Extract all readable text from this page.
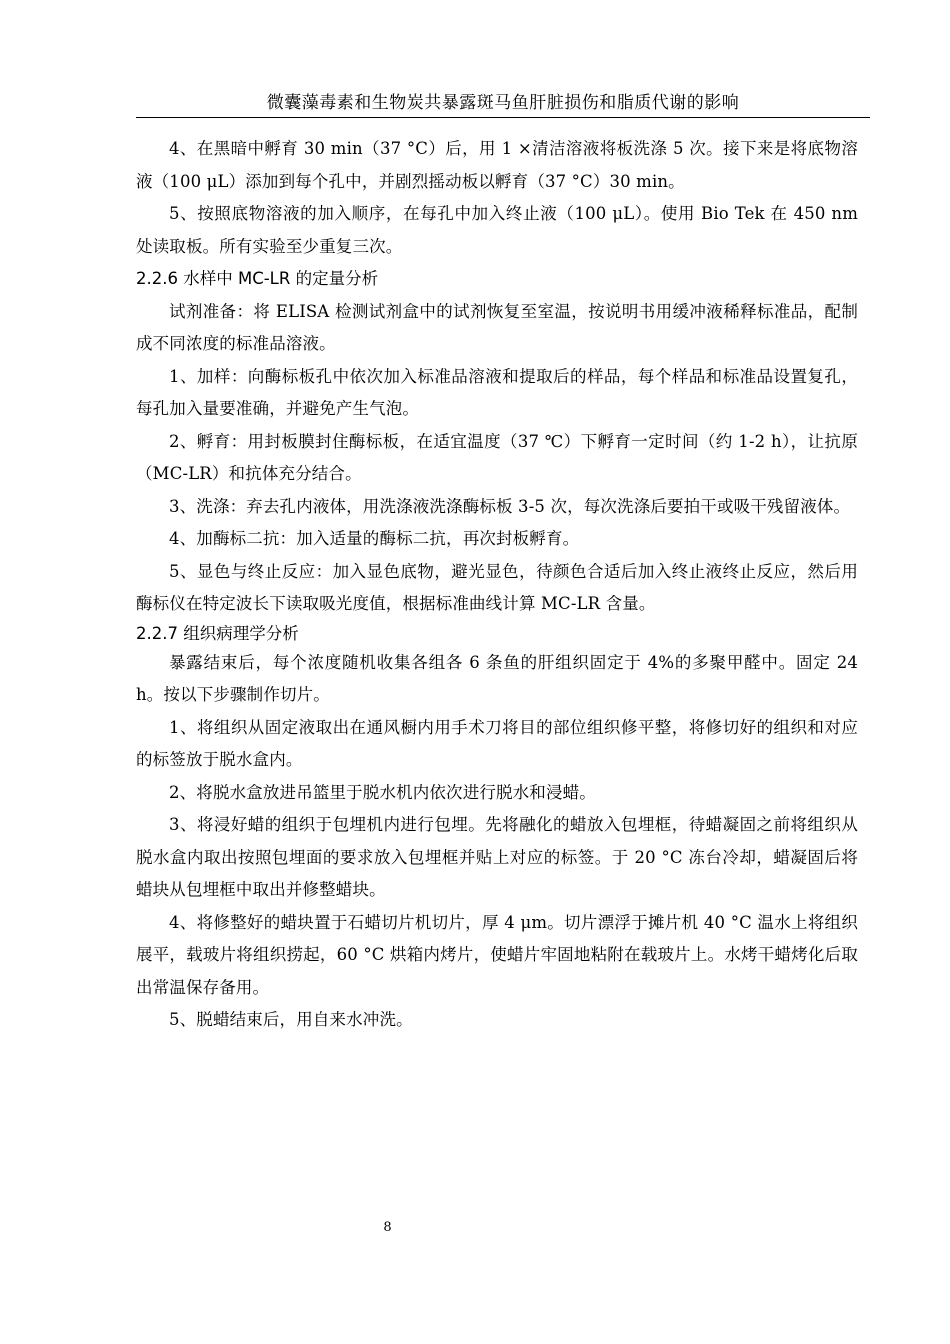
微囊藻毒素和生物炭共暴露斑马鱼肝脏损伤和脂质代谢的影响

4、在黑暗中孵育 30 min（37 °C）后，用 1 ×清洁溶液将板洗涤 5 次。接下来是将底物溶液（100 μL）添加到每个孔中，并剧烈摇动板以孵育（37 °C）30 min。

5、按照底物溶液的加入顺序，在每孔中加入终止液（100 μL）。使用 Bio Tek 在 450 nm 处读取板。所有实验至少重复三次。

2.2.6 水样中 MC-LR 的定量分析

试剂准备：将 ELISA 检测试剂盒中的试剂恢复至室温，按说明书用缓冲液稀释标准品，配制成不同浓度的标准品溶液。

1、加样：向酶标板孔中依次加入标准品溶液和提取后的样品，每个样品和标准品设置复孔，每孔加入量要准确，并避免产生气泡。

2、孵育：用封板膜封住酶标板，在适宜温度（37 ℃）下孵育一定时间（约 1-2 h），让抗原（MC-LR）和抗体充分结合。

3、洗涤：弃去孔内液体，用洗涤液洗涤酶标板 3-5 次，每次洗涤后要拍干或吸干残留液体。

4、加酶标二抗：加入适量的酶标二抗，再次封板孵育。

5、显色与终止反应：加入显色底物，避光显色，待颜色合适后加入终止液终止反应，然后用酶标仪在特定波长下读取吸光度值，根据标准曲线计算 MC-LR 含量。

2.2.7 组织病理学分析

暴露结束后，每个浓度随机收集各组各 6 条鱼的肝组织固定于 4%的多聚甲醛中。固定 24 h。按以下步骤制作切片。

1、将组织从固定液取出在通风橱内用手术刀将目的部位组织修平整，将修切好的组织和对应的标签放于脱水盒内。

2、将脱水盒放进吊篮里于脱水机内依次进行脱水和浸蜡。

3、将浸好蜡的组织于包埋机内进行包埋。先将融化的蜡放入包埋框，待蜡凝固之前将组织从脱水盒内取出按照包埋面的要求放入包埋框并贴上对应的标签。于 20 °C 冻台冷却，蜡凝固后将蜡块从包埋框中取出并修整蜡块。

4、将修整好的蜡块置于石蜡切片机切片，厚 4 μm。切片漂浮于摊片机 40 °C 温水上将组织展平，载玻片将组织捞起，60 °C 烘箱内烤片，使蜡片牢固地粘附在载玻片上。水烤干蜡烤化后取出常温保存备用。

5、脱蜡结束后，用自来水冲洗。

8
